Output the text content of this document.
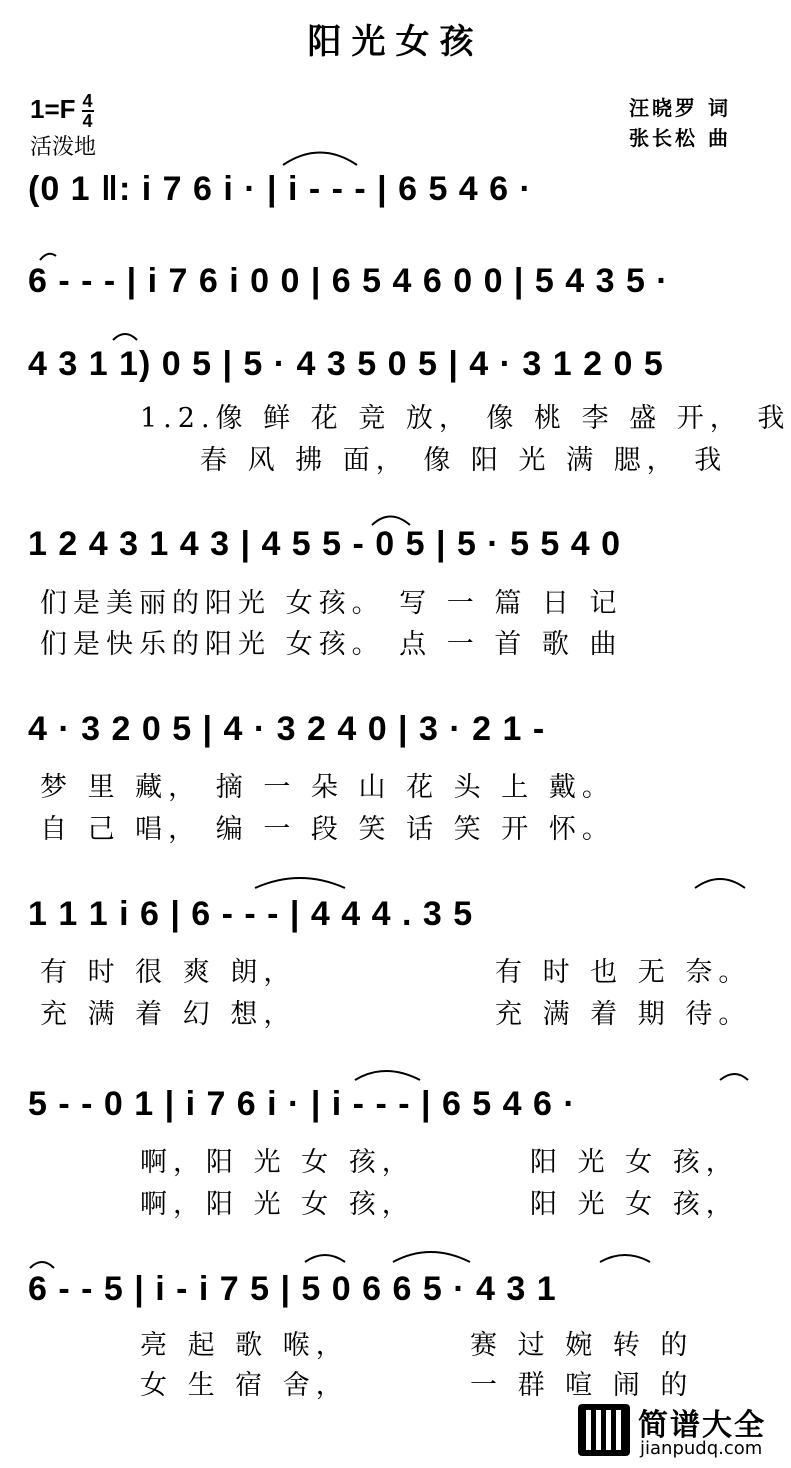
阳光女孩
$1=F \frac{4}{4}$
活泼地
汪晓罗 词
张长松 曲
(0 1 ‖: i 7 6 i · | i - - - | 6 5 4 6 ·
6 - - - | i 7 6 i 0 0 | 6 5 4 6 0 0 | 5 4 3 5 ·
4 3 1 1) 0 5 | 5 · 4 3 5 0 5 | 4 · 3 1 2 0 5
1.2.像 鲜 花 竞 放， 像 桃 李 盛 开， 我
春 风 拂 面， 像 阳 光 满 腮， 我
1 2 4 3 1 4 3 | 4 5 5 - 0 5 | 5 · 5 5 4 0
们是美丽的阳光 女孩。 写 一 篇 日 记
们是快乐的阳光 女孩。 点 一 首 歌 曲
4 · 3 2 0 5 | 4 · 3 2 4 0 | 3 · 2 1 -
梦 里 藏， 摘 一 朵 山 花 头 上 戴。
自 己 唱， 编 一 段 笑 话 笑 开 怀。
1 1 1 i 6 | 6 - - - | 4 4 4 . 3 5
有 时 很 爽 朗，
充 满 着 幻 想，
有 时 也 无 奈。
充 满 着 期 待。
5 - - 0 1 | i 7 6 i · | i - - - | 6 5 4 6 ·
啊，阳 光 女 孩，
啊，阳 光 女 孩，
阳 光 女 孩，
阳 光 女 孩，
6 - - 5 | i - i 7 5 | 5 0 6 6 5 · 4 3 1
亮 起 歌 喉，
女 生 宿 舍，
赛 过 婉 转 的
一 群 喧 闹 的
简谱大全
jianpudq.com
